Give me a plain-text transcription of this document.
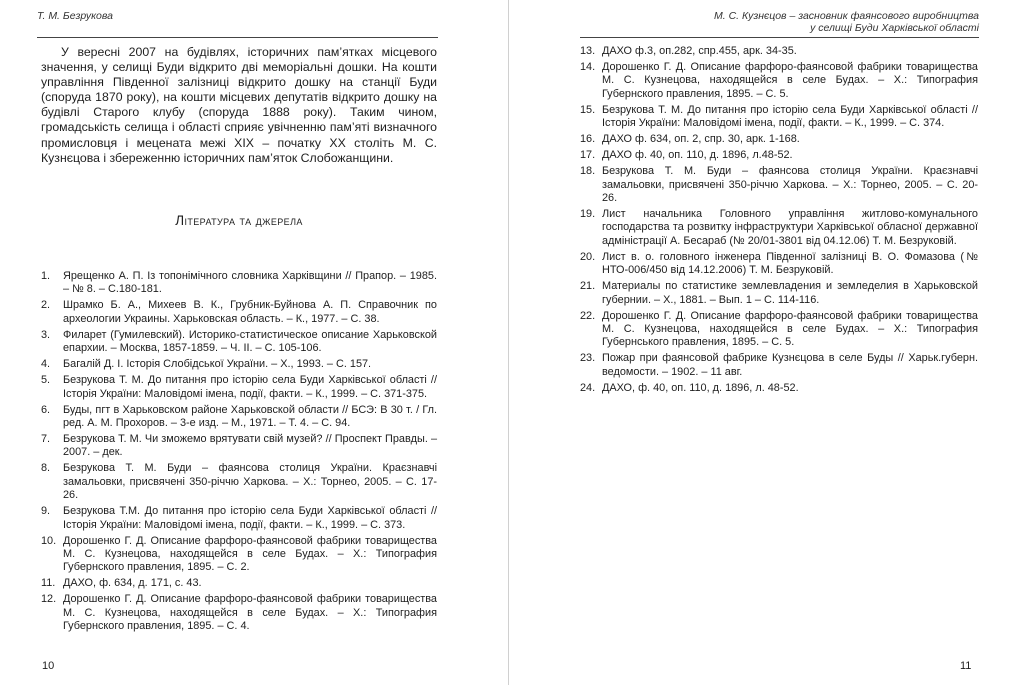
Т. М. Безрукова

У вересні 2007 на будівлях, історичних пам’ятках місцевого значення, у селищі Буди відкрито дві меморіальні дошки. На кошти управління Південної залізниці відкрито дошку на станції Буди (споруда 1870 року), на кошти місцевих депутатів відкрито дошку на будівлі Старого клубу (споруда 1888 року). Таким чином, громадськість селища і області сприяє увічненню пам’яті визначного промисловця і мецената межі XIX – початку XX століть М. С. Кузнєцова і збереженню історичних пам’яток Слобожанщини.

Література та джерела
1.	Ярещенко А. П. Із топонімічного словника Харківщини // Прапор. – 1985. – № 8. – С.180-181.
2.	Шрамко Б. А., Михеев В. К., Грубник-Буйнова А. П. Справочник по археологии Украины. Харьковская область. – К., 1977. – С. 38.
3.	Филарет (Гумилевский). Историко-статистическое описание Харьковской епархии. – Москва, 1857-1859. – Ч. ІІ. – С. 105-106.
4.	Багалій Д. І. Історія Слобідської України. – Х., 1993. – С. 157.
5.	Безрукова Т. М. До питання про історію села Буди Харківської області // Історія України: Маловідомі імена, події, факти. – К., 1999. – С. 371-375.
6.	Буды, пгт в Харьковском районе Харьковской области // БСЭ: В 30 т. / Гл. ред. А. М. Прохоров. – 3-е изд. – М., 1971. – Т. 4. – С. 94.
7.	Безрукова Т. М. Чи зможемо врятувати свій музей? // Проспект Правды. – 2007. – дек.
8.	Безрукова Т. М. Буди – фаянсова столиця України. Краєзнавчі замальовки, присвячені 350-річчю Харкова. – Х.: Торнео, 2005. – С. 17-26.
9.	Безрукова Т.М. До питання про історію села Буди Харківської області // Історія України: Маловідомі імена, події, факти. – К., 1999. – С. 373.
10. Дорошенко Г. Д. Описание фарфоро-фаянсовой фабрики товарищества М. С. Кузнецова, находящейся в селе Будах. – Х.: Типография Губернского правления, 1895. – С. 2.
11. ДАХО, ф. 634, д. 171, с. 43.
12. Дорошенко Г. Д. Описание фарфоро-фаянсовой фабрики товарищества М. С. Кузнецова, находящейся в селе Будах. – Х.: Типография Губернского правления, 1895. – С. 4.
10
М. С. Кузнєцов – засновник фаянсового виробництва
у селищі Буди Харківської області
13. ДАХО ф.3, оп.282, спр.455, арк. 34-35.
14. Дорошенко Г. Д. Описание фарфоро-фаянсовой фабрики товарищества М. С. Кузнецова, находящейся в селе Будах. – Х.: Типография Губернского правления, 1895. – С. 5.
15. Безрукова Т. М. До питання про історію села Буди Харківської області // Історія України: Маловідомі імена, події, факти. – К., 1999. – С. 374.
16. ДАХО ф. 634, оп. 2, спр. 30, арк. 1-168.
17. ДАХО ф. 40, оп. 110, д. 1896, л.48-52.
18. Безрукова Т. М. Буди – фаянсова столиця України. Краєзнавчі замальовки, присвячені 350-річчю Харкова. – Х.: Торнео, 2005. – С. 20-26.
19. Лист начальника Головного управління житлово-комунального господарства та розвитку інфраструктури Харківської обласної державної адміністрації А. Бесараб (№ 20/01-3801 від 04.12.06) Т. М. Безруковій.
20. Лист в. о. головного інженера Південної залізниці В. О. Фомазова (№ НТО-006/450 від 14.12.2006) Т. М. Безруковій.
21. Материалы по статистике землевладения и земледелия в Харьковской губернии. – Х., 1881. – Вып. 1 – С. 114-116.
22. Дорошенко Г. Д. Описание фарфоро-фаянсовой фабрики товарищества М. С. Кузнецова, находящейся в селе Будах. – Х.: Типография Губернського правления, 1895. – С. 5.
23. Пожар при фаянсовой фабрике Кузнєцова в селе Буды // Харьк.губерн. ведомости. – 1902. – 11 авг.
24. ДАХО, ф. 40, оп. 110, д. 1896, л. 48-52.
11
